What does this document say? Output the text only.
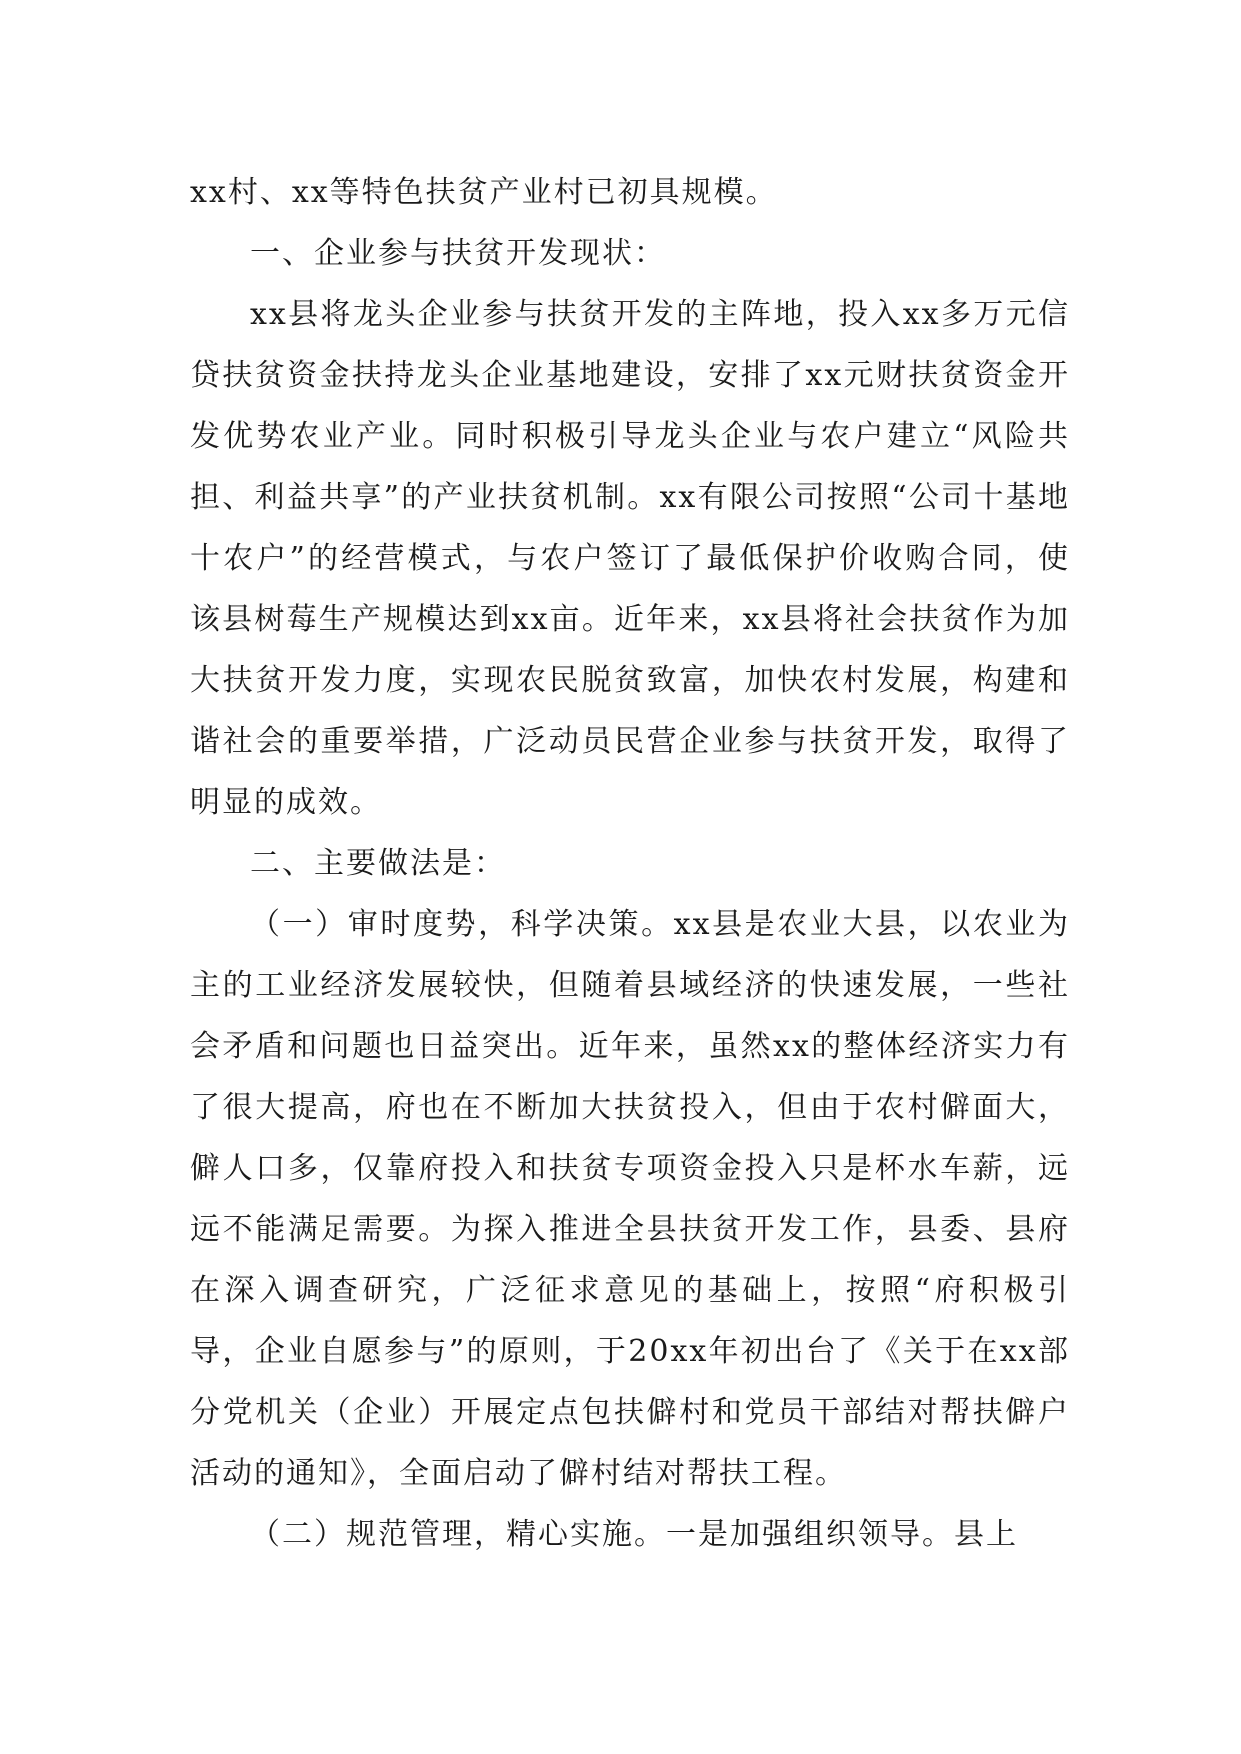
xx村、xx等特色扶贫产业村已初具规模。

一、企业参与扶贫开发现状：

xx县将龙头企业参与扶贫开发的主阵地，投入xx多万元信贷扶贫资金扶持龙头企业基地建设，安排了xx元财扶贫资金开发优势农业产业。同时积极引导龙头企业与农户建立“风险共担、利益共享”的产业扶贫机制。xx有限公司按照“公司十基地十农户”的经营模式，与农户签订了最低保护价收购合同，使该县树莓生产规模达到xx亩。近年来，xx县将社会扶贫作为加大扶贫开发力度，实现农民脱贫致富，加快农村发展，构建和谐社会的重要举措，广泛动员民营企业参与扶贫开发，取得了明显的成效。

二、主要做法是：

（一）审时度势，科学决策。xx县是农业大县，以农业为主的工业经济发展较快，但随着县域经济的快速发展，一些社会矛盾和问题也日益突出。近年来，虽然xx的整体经济实力有了很大提高，府也在不断加大扶贫投入，但由于农村僻面大，僻人口多，仅靠府投入和扶贫专项资金投入只是杯水车薪，远远不能满足需要。为探入推进全县扶贫开发工作，县委、县府在深入调查研究，广泛征求意见的基础上，按照“府积极引导，企业自愿参与”的原则，于20xx年初出台了《关于在xx部分党机关（企业）开展定点包扶僻村和党员干部结对帮扶僻户活动的通知》，全面启动了僻村结对帮扶工程。

（二）规范管理，精心实施。一是加强组织领导。县上
